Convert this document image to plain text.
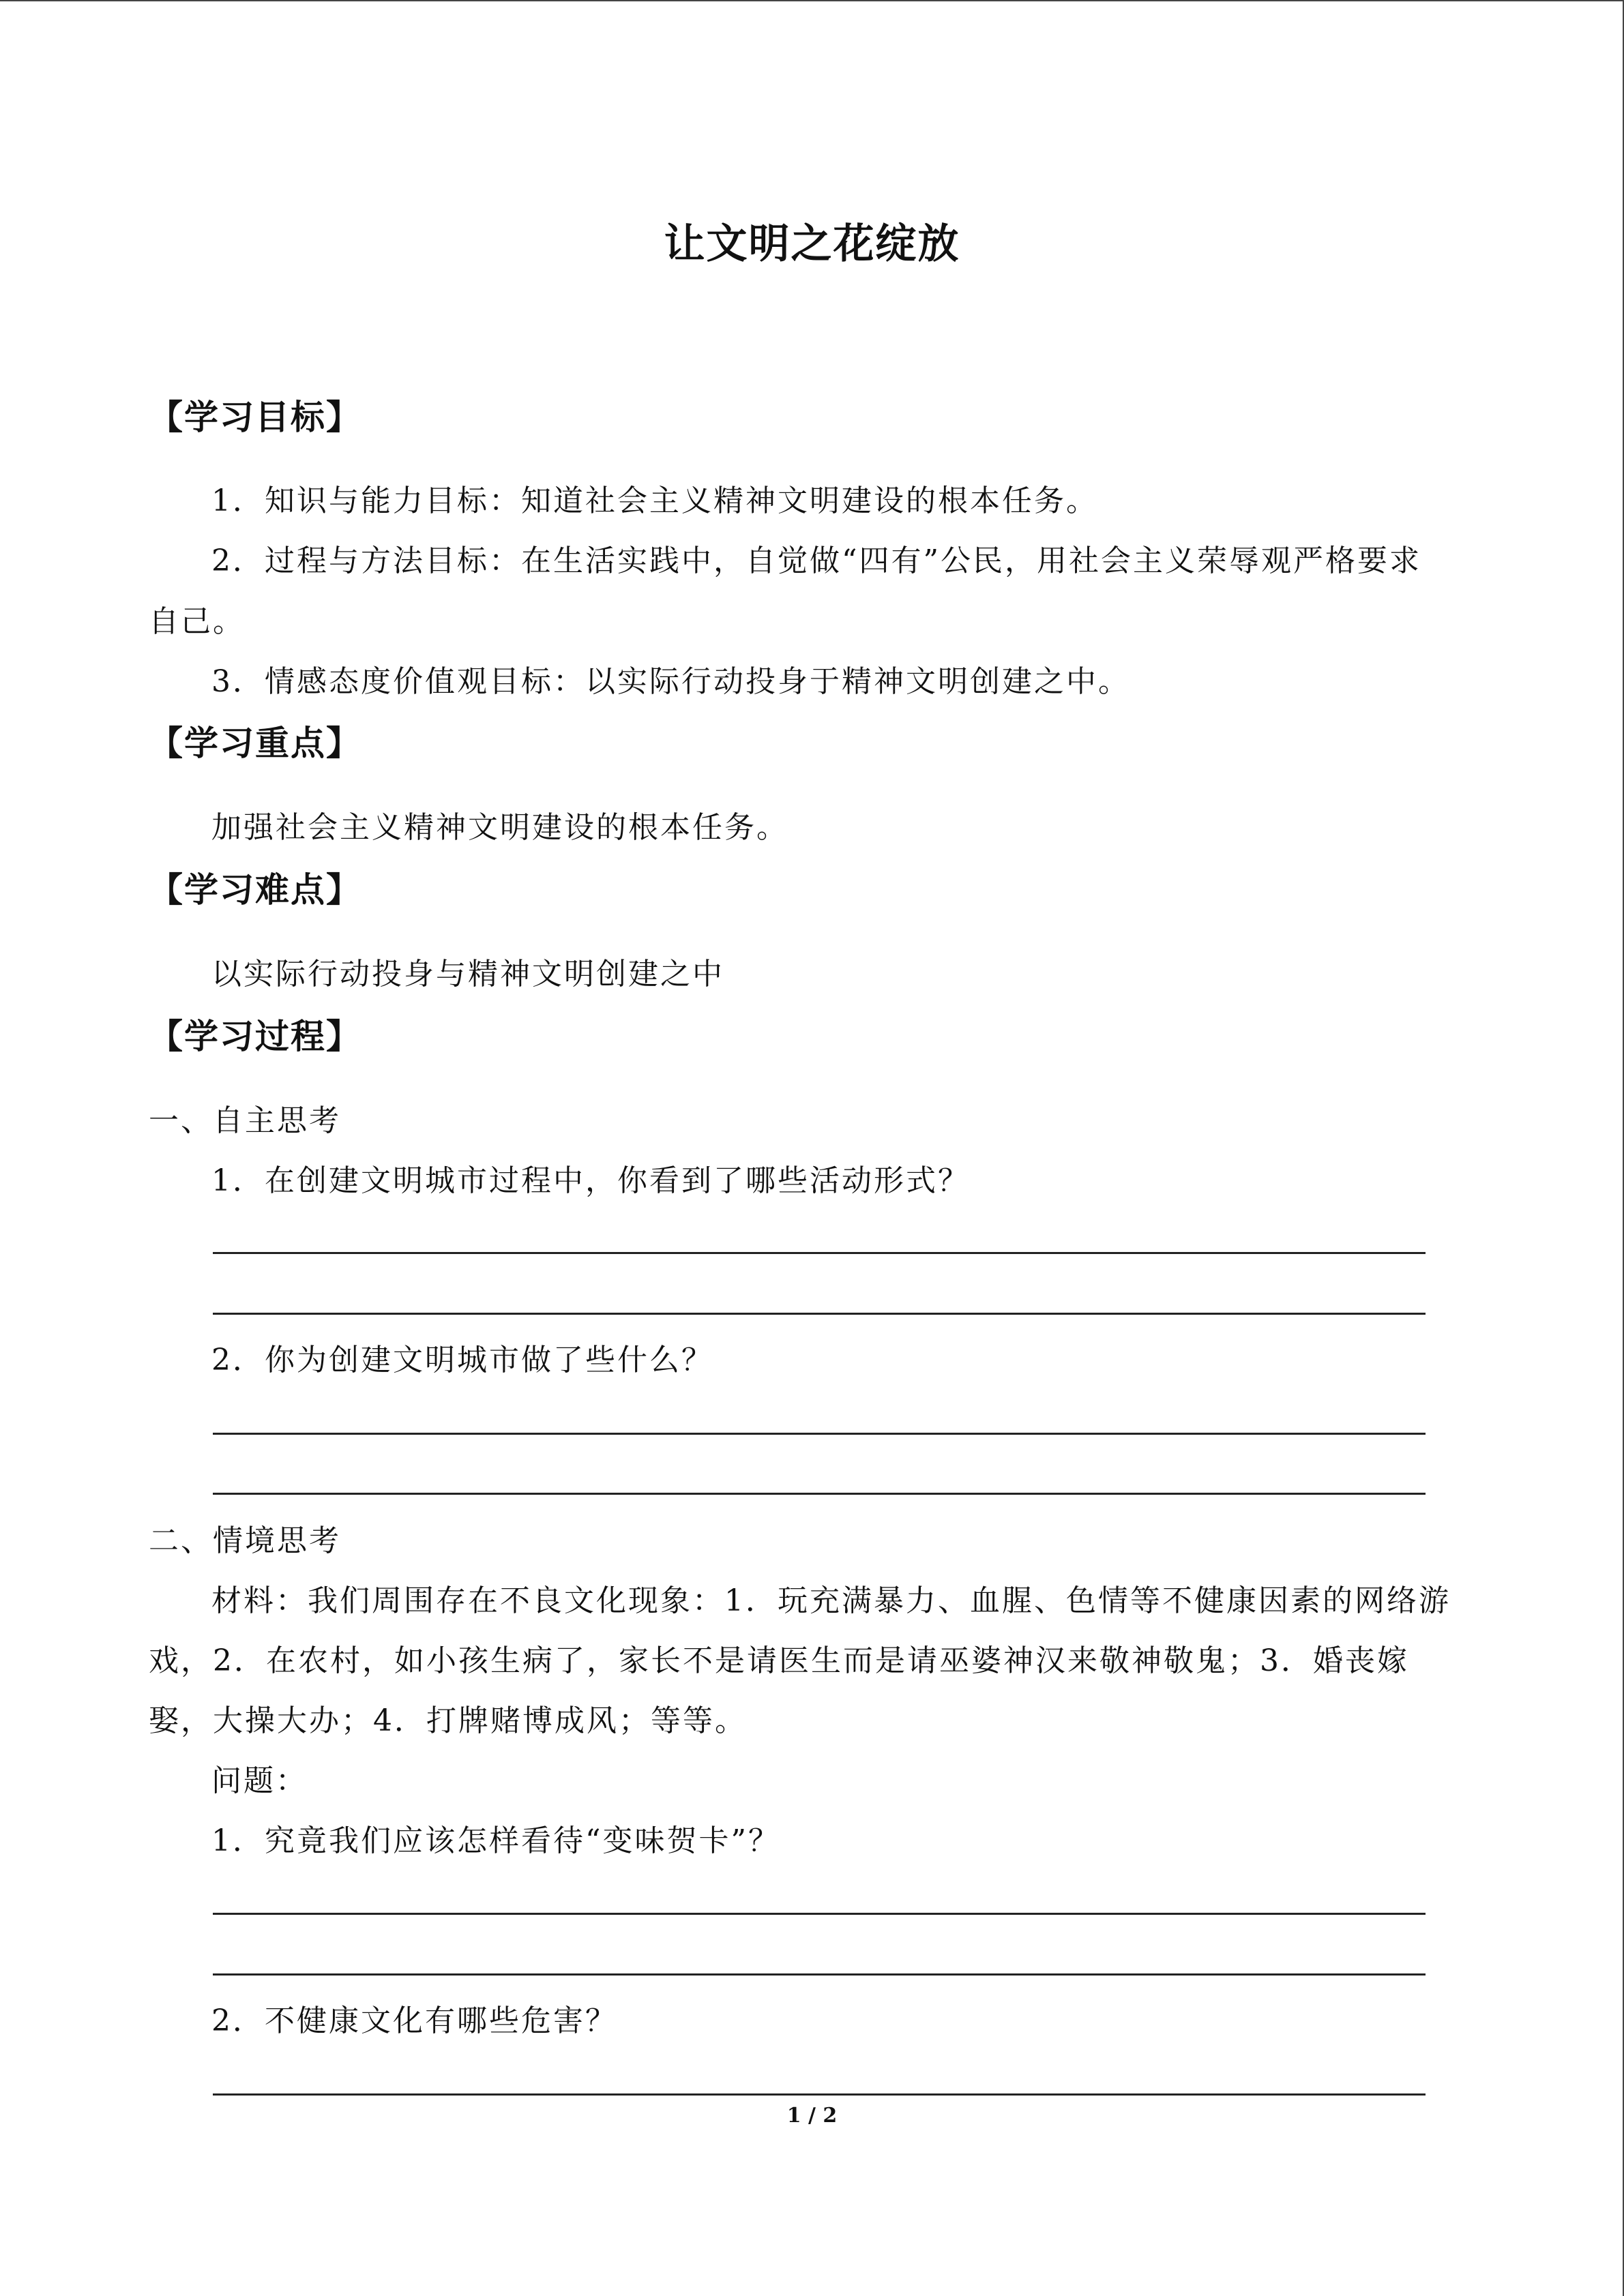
让文明之花绽放
【学习目标】
1．知识与能力目标：知道社会主义精神文明建设的根本任务。
2．过程与方法目标：在生活实践中，自觉做“四有”公民，用社会主义荣辱观严格要求
自己。
3．情感态度价值观目标：以实际行动投身于精神文明创建之中。
【学习重点】
加强社会主义精神文明建设的根本任务。
【学习难点】
以实际行动投身与精神文明创建之中
【学习过程】
一、自主思考
1．在创建文明城市过程中，你看到了哪些活动形式？
2．你为创建文明城市做了些什么？
二、情境思考
材料：我们周围存在不良文化现象：1．玩充满暴力、血腥、色情等不健康因素的网络游
戏，2．在农村，如小孩生病了，家长不是请医生而是请巫婆神汉来敬神敬鬼；3．婚丧嫁
娶，大操大办；4．打牌赌博成风；等等。
问题：
1．究竟我们应该怎样看待“变味贺卡”？
2．不健康文化有哪些危害？
1 / 2
